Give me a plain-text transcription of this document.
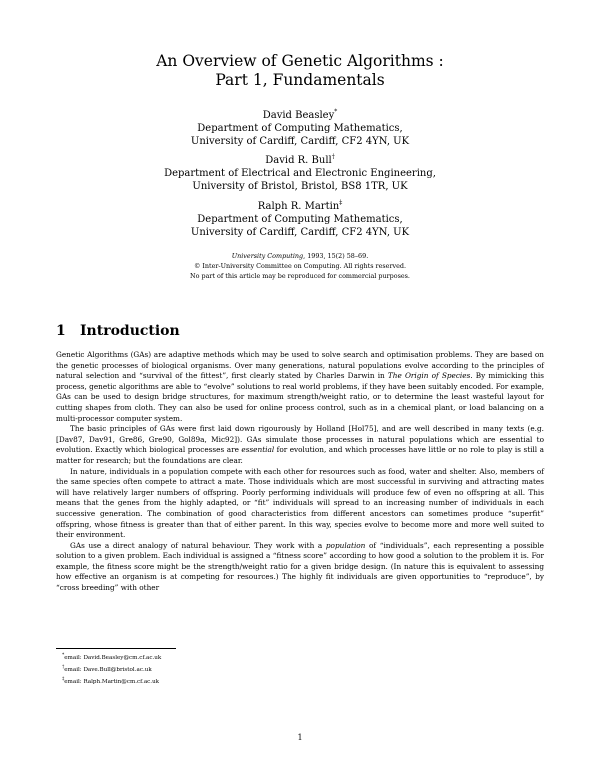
An Overview of Genetic Algorithms :
Part 1, Fundamentals
David Beasley*
Department of Computing Mathematics,
University of Cardiff, Cardiff, CF2 4YN, UK
David R. Bull†
Department of Electrical and Electronic Engineering,
University of Bristol, Bristol, BS8 1TR, UK
Ralph R. Martin‡
Department of Computing Mathematics,
University of Cardiff, Cardiff, CF2 4YN, UK
University Computing, 1993, 15(2) 58–69.
© Inter-University Committee on Computing. All rights reserved.
No part of this article may be reproduced for commercial purposes.
1 Introduction

Genetic Algorithms (GAs) are adaptive methods which may be used to solve search and optimisation problems. They are based on the genetic processes of biological organisms. Over many generations, natural populations evolve according to the principles of natural selection and “survival of the fittest”, first clearly stated by Charles Darwin in The Origin of Species. By mimicking this process, genetic algorithms are able to “evolve” solutions to real world problems, if they have been suitably encoded. For example, GAs can be used to design bridge structures, for maximum strength/weight ratio, or to determine the least wasteful layout for cutting shapes from cloth. They can also be used for online process control, such as in a chemical plant, or load balancing on a multi-processor computer system.

The basic principles of GAs were first laid down rigourously by Holland [Hol75], and are well described in many texts (e.g. [Dav87, Dav91, Gre86, Gre90, Gol89a, Mic92]). GAs simulate those processes in natural populations which are essential to evolution. Exactly which biological processes are essential for evolution, and which processes have little or no role to play is still a matter for research; but the foundations are clear.

In nature, individuals in a population compete with each other for resources such as food, water and shelter. Also, members of the same species often compete to attract a mate. Those individuals which are most successful in surviving and attracting mates will have relatively larger numbers of offspring. Poorly performing individuals will produce few of even no offspring at all. This means that the genes from the highly adapted, or “fit” individuals will spread to an increasing number of individuals in each successive generation. The combination of good characteristics from different ancestors can sometimes produce “superfit” offspring, whose fitness is greater than that of either parent. In this way, species evolve to become more and more well suited to their environment.

GAs use a direct analogy of natural behaviour. They work with a population of “individuals”, each representing a possible solution to a given problem. Each individual is assigned a “fitness score” according to how good a solution to the problem it is. For example, the fitness score might be the strength/weight ratio for a given bridge design. (In nature this is equivalent to assessing how effective an organism is at competing for resources.) The highly fit individuals are given opportunities to “reproduce”, by “cross breeding” with other

*email: David.Beasley@cm.cf.ac.uk
†email: Dave.Bull@bristol.ac.uk
‡email: Ralph.Martin@cm.cf.ac.uk
1
